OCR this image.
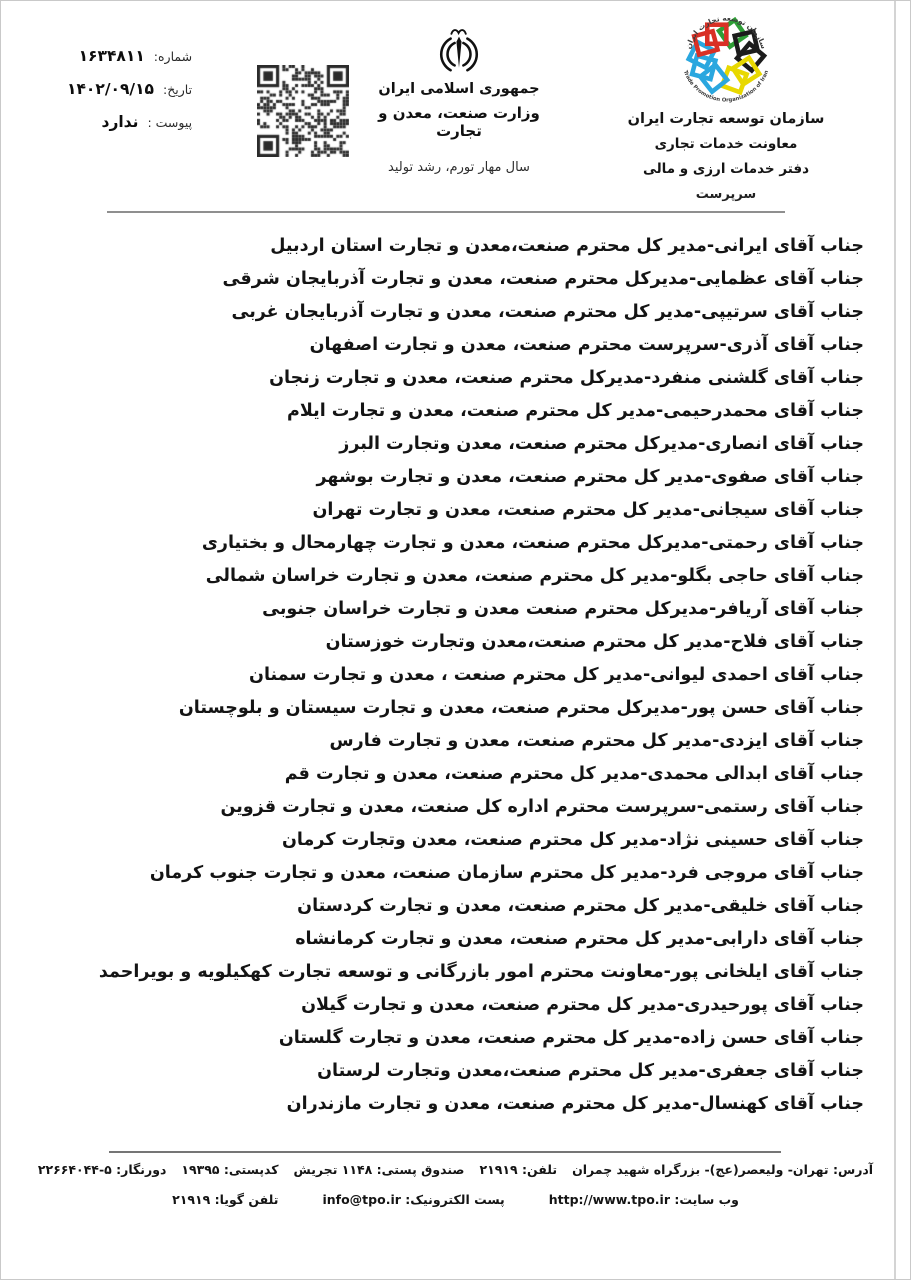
شماره:
۱۶۳۴۸۱۱
تاریخ:
۱۴۰۲/۰۹/۱۵
پیوست :
ندارد
جمهوری اسلامی ایران
وزارت صنعت، معدن و تجارت
سال مهار تورم، رشد تولید
سازمان توسعه تجارت ایران
Trade Promotion Organization of Iran
سازمان توسعه تجارت ایران
معاونت خدمات تجاری
دفتر خدمات ارزی و مالی
سرپرست
جناب آقای ایرانی-مدیر کل محترم صنعت،معدن و تجارت استان اردبیل
جناب آقای عظمایی-مدیرکل محترم صنعت، معدن و تجارت آذربایجان شرقی
جناب آقای سرتیپی-مدیر کل محترم صنعت، معدن و تجارت آذربایجان غربی
جناب آقای آذری-سرپرست محترم صنعت، معدن و تجارت اصفهان
جناب آقای گلشنی منفرد-مدیرکل محترم صنعت، معدن و تجارت زنجان
جناب آقای محمدرحیمی-مدیر کل محترم صنعت، معدن و تجارت ایلام
جناب آقای انصاری-مدیرکل محترم صنعت، معدن وتجارت البرز
جناب آقای صفوی-مدیر کل محترم صنعت، معدن و تجارت بوشهر
جناب آقای سیجانی-مدیر کل محترم صنعت، معدن و تجارت تهران
جناب آقای رحمتی-مدیرکل محترم صنعت، معدن و تجارت چهارمحال و بختیاری
جناب آقای حاجی بگلو-مدیر کل محترم صنعت، معدن و تجارت خراسان شمالی
جناب آقای آریافر-مدیرکل محترم صنعت معدن و تجارت خراسان جنوبی
جناب آقای فلاح-مدیر کل محترم صنعت،معدن وتجارت خوزستان
جناب آقای احمدی لیوانی-مدیر کل محترم صنعت ، معدن و تجارت سمنان
جناب آقای حسن پور-مدیرکل محترم صنعت، معدن و تجارت سیستان و بلوچستان
جناب آقای ایزدی-مدیر کل محترم صنعت، معدن و تجارت فارس
جناب آقای ابدالی محمدی-مدیر کل محترم صنعت، معدن و تجارت قم
جناب آقای رستمی-سرپرست محترم اداره کل صنعت، معدن و تجارت قزوین
جناب آقای حسینی نژاد-مدیر کل محترم صنعت، معدن وتجارت کرمان
جناب آقای مروجی فرد-مدیر کل محترم سازمان صنعت، معدن و تجارت جنوب کرمان
جناب آقای خلیقی-مدیر کل محترم صنعت، معدن و تجارت کردستان
جناب آقای دارابی-مدیر کل محترم صنعت، معدن و تجارت کرمانشاه
جناب آقای ایلخانی پور-معاونت محترم امور بازرگانی و توسعه تجارت کهکیلویه و بویراحمد
جناب آقای پورحیدری-مدیر کل محترم صنعت، معدن و تجارت گیلان
جناب آقای حسن زاده-مدیر کل محترم صنعت، معدن و تجارت گلستان
جناب آقای جعفری-مدیر کل محترم صنعت،معدن وتجارت لرستان
جناب آقای کهنسال-مدیر کل محترم صنعت، معدن و تجارت مازندران
آدرس: تهران- ولیعصر(عج)- بزرگراه شهید چمران
تلفن: ۲۱۹۱۹
صندوق پستی: ۱۱۴۸ تجریش
کدپستی: ۱۹۳۹۵
دورنگار: ۵-۲۲۶۶۴۰۴۴
وب سایت: http://www.tpo.ir
پست الکترونیک: info@tpo.ir
تلفن گویا: ۲۱۹۱۹
